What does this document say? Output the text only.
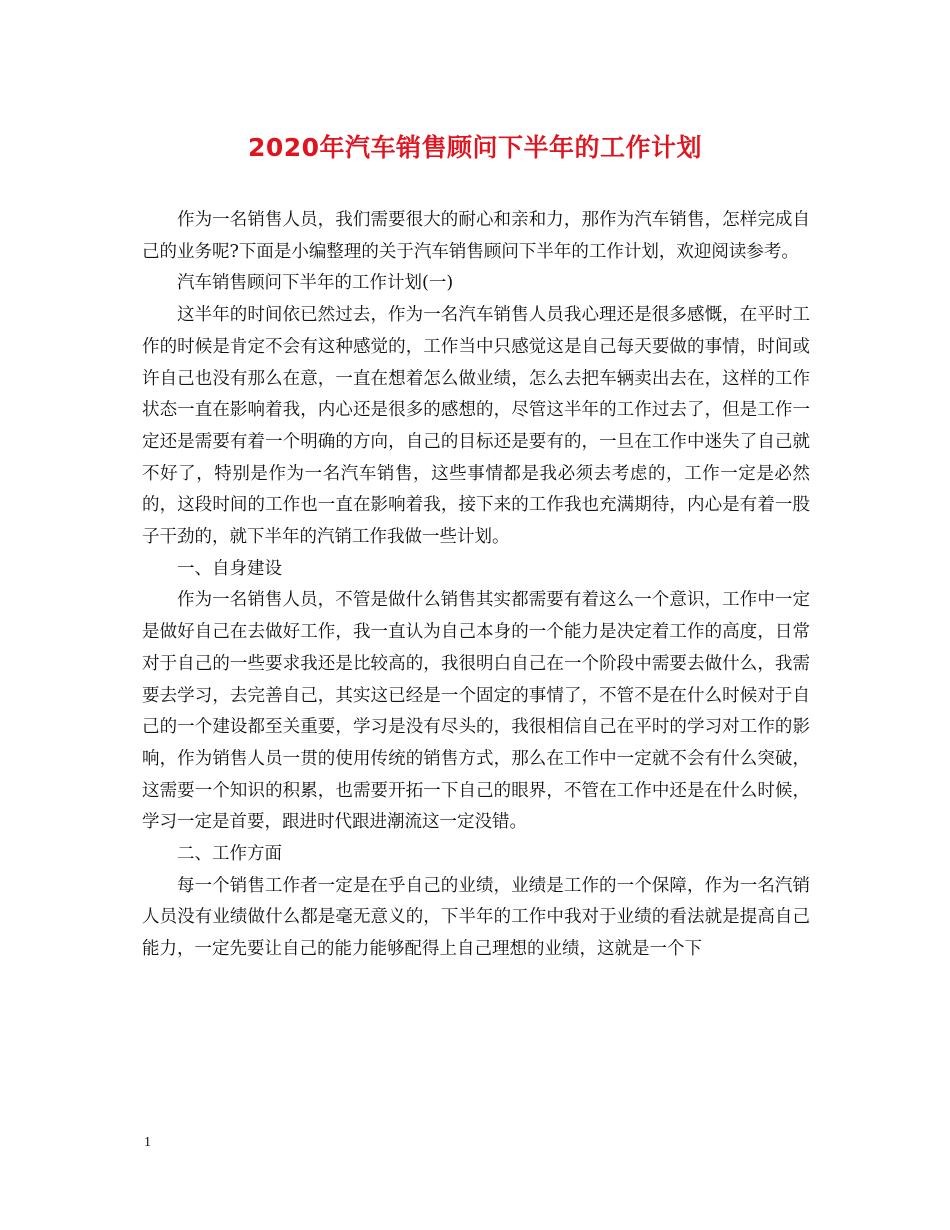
2020年汽车销售顾问下半年的工作计划

作为一名销售人员，我们需要很大的耐心和亲和力，那作为汽车销售，怎样完成自己的业务呢?下面是小编整理的关于汽车销售顾问下半年的工作计划，欢迎阅读参考。

汽车销售顾问下半年的工作计划(一)

这半年的时间依已然过去，作为一名汽车销售人员我心理还是很多感慨，在平时工作的时候是肯定不会有这种感觉的，工作当中只感觉这是自己每天要做的事情，时间或许自己也没有那么在意，一直在想着怎么做业绩，怎么去把车辆卖出去在，这样的工作状态一直在影响着我，内心还是很多的感想的，尽管这半年的工作过去了，但是工作一定还是需要有着一个明确的方向，自己的目标还是要有的，一旦在工作中迷失了自己就不好了，特别是作为一名汽车销售，这些事情都是我必须去考虑的，工作一定是必然的，这段时间的工作也一直在影响着我，接下来的工作我也充满期待，内心是有着一股子干劲的，就下半年的汽销工作我做一些计划。

一、自身建设

作为一名销售人员，不管是做什么销售其实都需要有着这么一个意识，工作中一定是做好自己在去做好工作，我一直认为自己本身的一个能力是决定着工作的高度，日常对于自己的一些要求我还是比较高的，我很明白自己在一个阶段中需要去做什么，我需要去学习，去完善自己，其实这已经是一个固定的事情了，不管不是在什么时候对于自己的一个建设都至关重要，学习是没有尽头的，我很相信自己在平时的学习对工作的影响，作为销售人员一贯的使用传统的销售方式，那么在工作中一定就不会有什么突破，这需要一个知识的积累，也需要开拓一下自己的眼界，不管在工作中还是在什么时候，学习一定是首要，跟进时代跟进潮流这一定没错。

二、工作方面

每一个销售工作者一定是在乎自己的业绩，业绩是工作的一个保障，作为一名汽销人员没有业绩做什么都是毫无意义的，下半年的工作中我对于业绩的看法就是提高自己能力，一定先要让自己的能力能够配得上自己理想的业绩，这就是一个下

1
